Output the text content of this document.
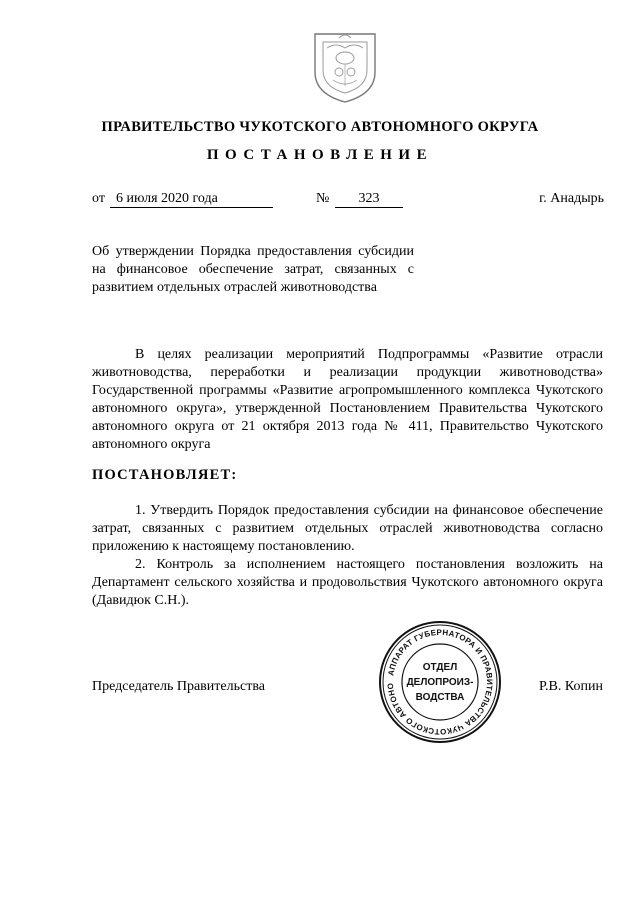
ПРАВИТЕЛЬСТВО ЧУКОТСКОГО АВТОНОМНОГО ОКРУГА
ПОСТАНОВЛЕНИЕ
от 6 июля 2020 года	№	323	г. Анадырь
Об утверждении Порядка предоставления субсидии на финансовое обеспечение затрат, связанных с развитием отдельных отраслей животноводства
В целях реализации мероприятий Подпрограммы «Развитие отрасли животноводства, переработки и реализации продукции животноводства» Государственной программы «Развитие агропромышленного комплекса Чукотского автономного округа», утвержденной Постановлением Правительства Чукотского автономного округа от 21 октября 2013 года № 411, Правительство Чукотского автономного округа
ПОСТАНОВЛЯЕТ:

1. Утвердить Порядок предоставления субсидии на финансовое обеспечение затрат, связанных с развитием отдельных отраслей животноводства согласно приложению к настоящему постановлению.

2. Контроль за исполнением настоящего постановления возложить на Департамент сельского хозяйства и продовольствия Чукотского автономного округа (Давидюк С.Н.).

Председатель Правительства	Р.В. Копин
АППАРАТ ГУБЕРНАТОРА И ПРАВИТЕЛЬСТВА ЧУКОТСКОГО АВТОНО
ОТДЕЛ
ДЕЛОПРОИЗ-
ВОДСТВА
